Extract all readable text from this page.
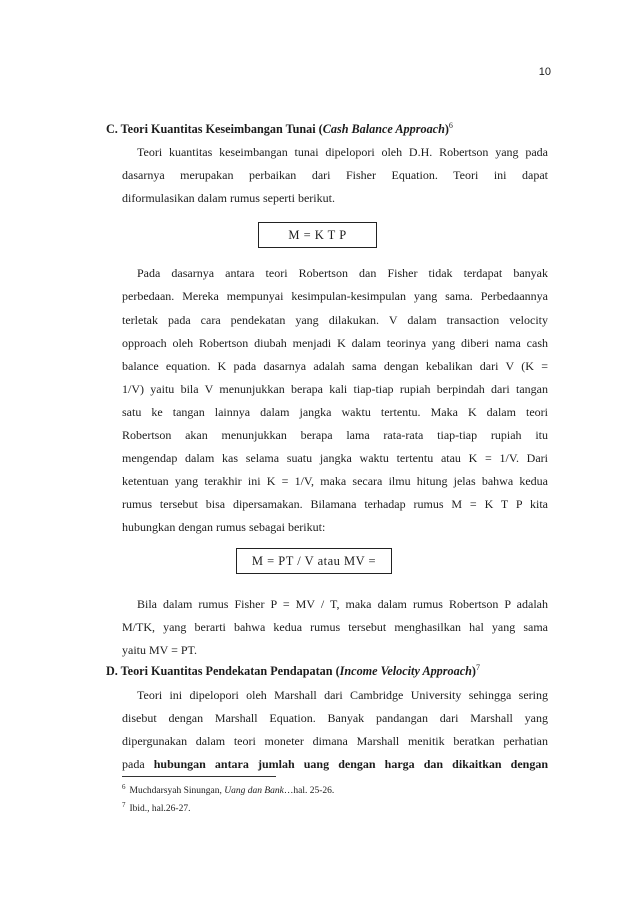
10
C. Teori Kuantitas Keseimbangan Tunai (Cash Balance Approach)$^6$
Teori kuantitas keseimbangan tunai dipelopori oleh D.H. Robertson yang pada
dasarnya merupakan perbaikan dari Fisher Equation. Teori ini dapat
diformulasikan dalam rumus seperti berikut.
M = K T P
Pada dasarnya antara teori Robertson dan Fisher tidak terdapat banyak
perbedaan. Mereka mempunyai kesimpulan-kesimpulan yang sama. Perbedaannya
terletak pada cara pendekatan yang dilakukan. V dalam transaction velocity
opproach oleh Robertson diubah menjadi K dalam teorinya yang diberi nama cash
balance equation. K pada dasarnya adalah sama dengan kebalikan dari V (K =
1/V) yaitu bila V menunjukkan berapa kali tiap-tiap rupiah berpindah dari tangan
satu ke tangan lainnya dalam jangka waktu tertentu. Maka K dalam teori
Robertson akan menunjukkan berapa lama rata-rata tiap-tiap rupiah itu
mengendap dalam kas selama suatu jangka waktu tertentu atau K = 1/V. Dari
ketentuan yang terakhir ini K = 1/V, maka secara ilmu hitung jelas bahwa kedua
rumus tersebut bisa dipersamakan. Bilamana terhadap rumus M = K T P kita
hubungkan dengan rumus sebagai berikut:
M = PT / V atau MV =
Bila dalam rumus Fisher P = MV / T, maka dalam rumus Robertson P adalah
M/TK, yang berarti bahwa kedua rumus tersebut menghasilkan hal yang sama
yaitu MV = PT.
D. Teori Kuantitas Pendekatan Pendapatan (Income Velocity Approach)$^7$
Teori ini dipelopori oleh Marshall dari Cambridge University sehingga sering
disebut dengan Marshall Equation. Banyak pandangan dari Marshall yang
dipergunakan dalam teori moneter dimana Marshall menitik beratkan perhatian
pada hubungan antara jumlah uang dengan harga dan dikaitkan dengan
$^6$ Muchdarsyah Sinungan, Uang dan Bank…hal. 25-26.
$^7$ Ibid., hal.26-27.
